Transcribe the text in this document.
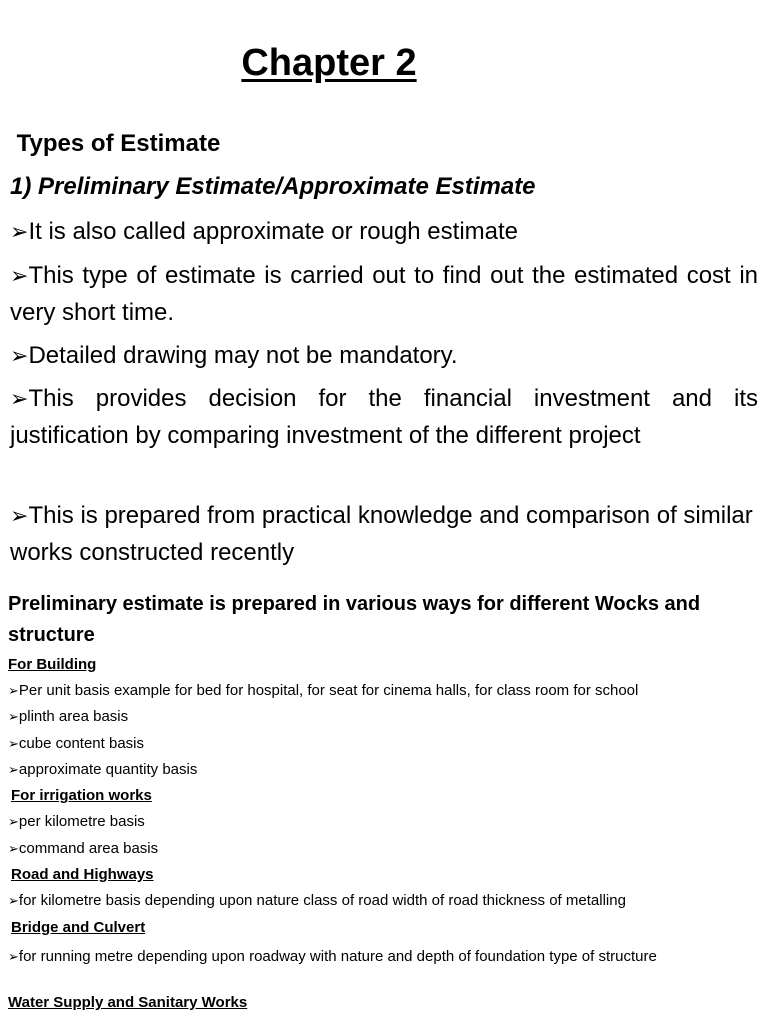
Chapter 2
Types of Estimate
1) Preliminary Estimate/Approximate Estimate
➢It is also called approximate or rough estimate
➢This type of estimate is carried out to find out the estimated cost in very short time.
➢Detailed drawing may not be mandatory.
➢This provides decision for the financial investment and its justification by comparing investment of the different project
➢This is prepared from practical knowledge and comparison of similar works constructed recently
Preliminary estimate is prepared in various ways for different Wocks and structure
For Building
➢Per unit basis example for bed for hospital, for seat for cinema halls, for class room for school
➢plinth area basis
➢cube content basis
➢approximate quantity basis
For irrigation works
➢per kilometre basis
➢command area basis
Road and Highways
➢for kilometre basis depending upon nature class of road width of road thickness of metalling
Bridge and Culvert
➢for running metre depending upon roadway with nature and depth of foundation type of structure
Water Supply and Sanitary Works
